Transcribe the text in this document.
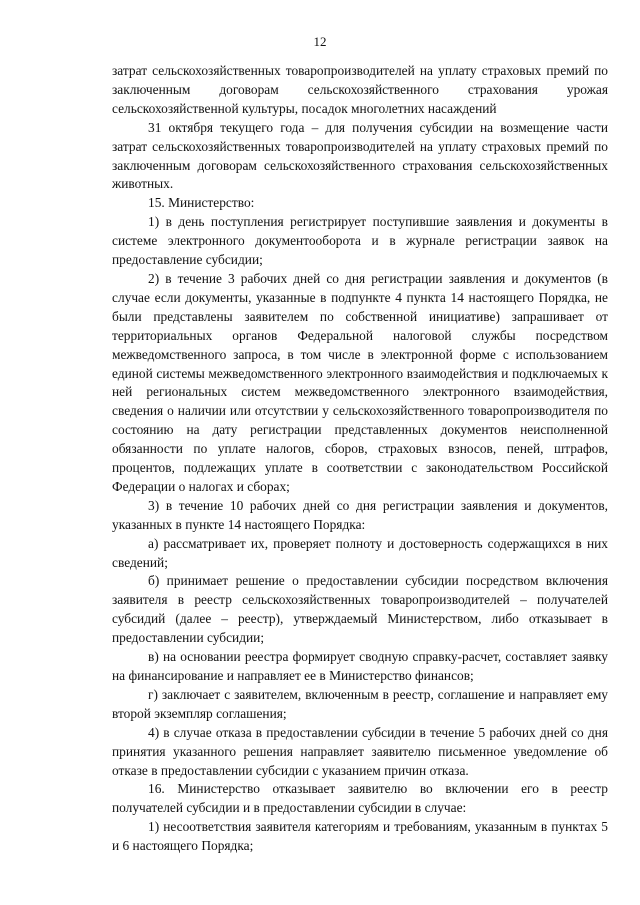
12

затрат сельскохозяйственных товаропроизводителей на уплату страховых премий по заключенным договорам сельскохозяйственного страхования урожая сельскохозяйственной культуры, посадок многолетних насаждений

31 октября текущего года – для получения субсидии на возмещение части затрат сельскохозяйственных товаропроизводителей на уплату страховых премий по заключенным договорам сельскохозяйственного страхования сельскохозяйственных животных.

15. Министерство:

1) в день поступления регистрирует поступившие заявления и документы в системе электронного документооборота и в журнале регистрации заявок на предоставление субсидии;

2) в течение 3 рабочих дней со дня регистрации заявления и документов (в случае если документы, указанные в подпункте 4 пункта 14 настоящего Порядка, не были представлены заявителем по собственной инициативе) запрашивает от территориальных органов Федеральной налоговой службы посредством межведомственного запроса, в том числе в электронной форме с использованием единой системы межведомственного электронного взаимодействия и подключаемых к ней региональных систем межведомственного электронного взаимодействия, сведения о наличии или отсутствии у сельскохозяйственного товаропроизводителя по состоянию на дату регистрации представленных документов неисполненной обязанности по уплате налогов, сборов, страховых взносов, пеней, штрафов, процентов, подлежащих уплате в соответствии с законодательством Российской Федерации о налогах и сборах;

3) в течение 10 рабочих дней со дня регистрации заявления и документов, указанных в пункте 14 настоящего Порядка:

а) рассматривает их, проверяет полноту и достоверность содержащихся в них сведений;

б) принимает решение о предоставлении субсидии посредством включения заявителя в реестр сельскохозяйственных товаропроизводителей – получателей субсидий (далее – реестр), утверждаемый Министерством, либо отказывает в предоставлении субсидии;

в) на основании реестра формирует сводную справку-расчет, составляет заявку на финансирование и направляет ее в Министерство финансов;

г) заключает с заявителем, включенным в реестр, соглашение и направляет ему второй экземпляр соглашения;

4) в случае отказа в предоставлении субсидии в течение 5 рабочих дней со дня принятия указанного решения направляет заявителю письменное уведомление об отказе в предоставлении субсидии с указанием причин отказа.

16. Министерство отказывает заявителю во включении его в реестр получателей субсидии и в предоставлении субсидии в случае:

1) несоответствия заявителя категориям и требованиям, указанным в пунктах 5 и 6 настоящего Порядка;
